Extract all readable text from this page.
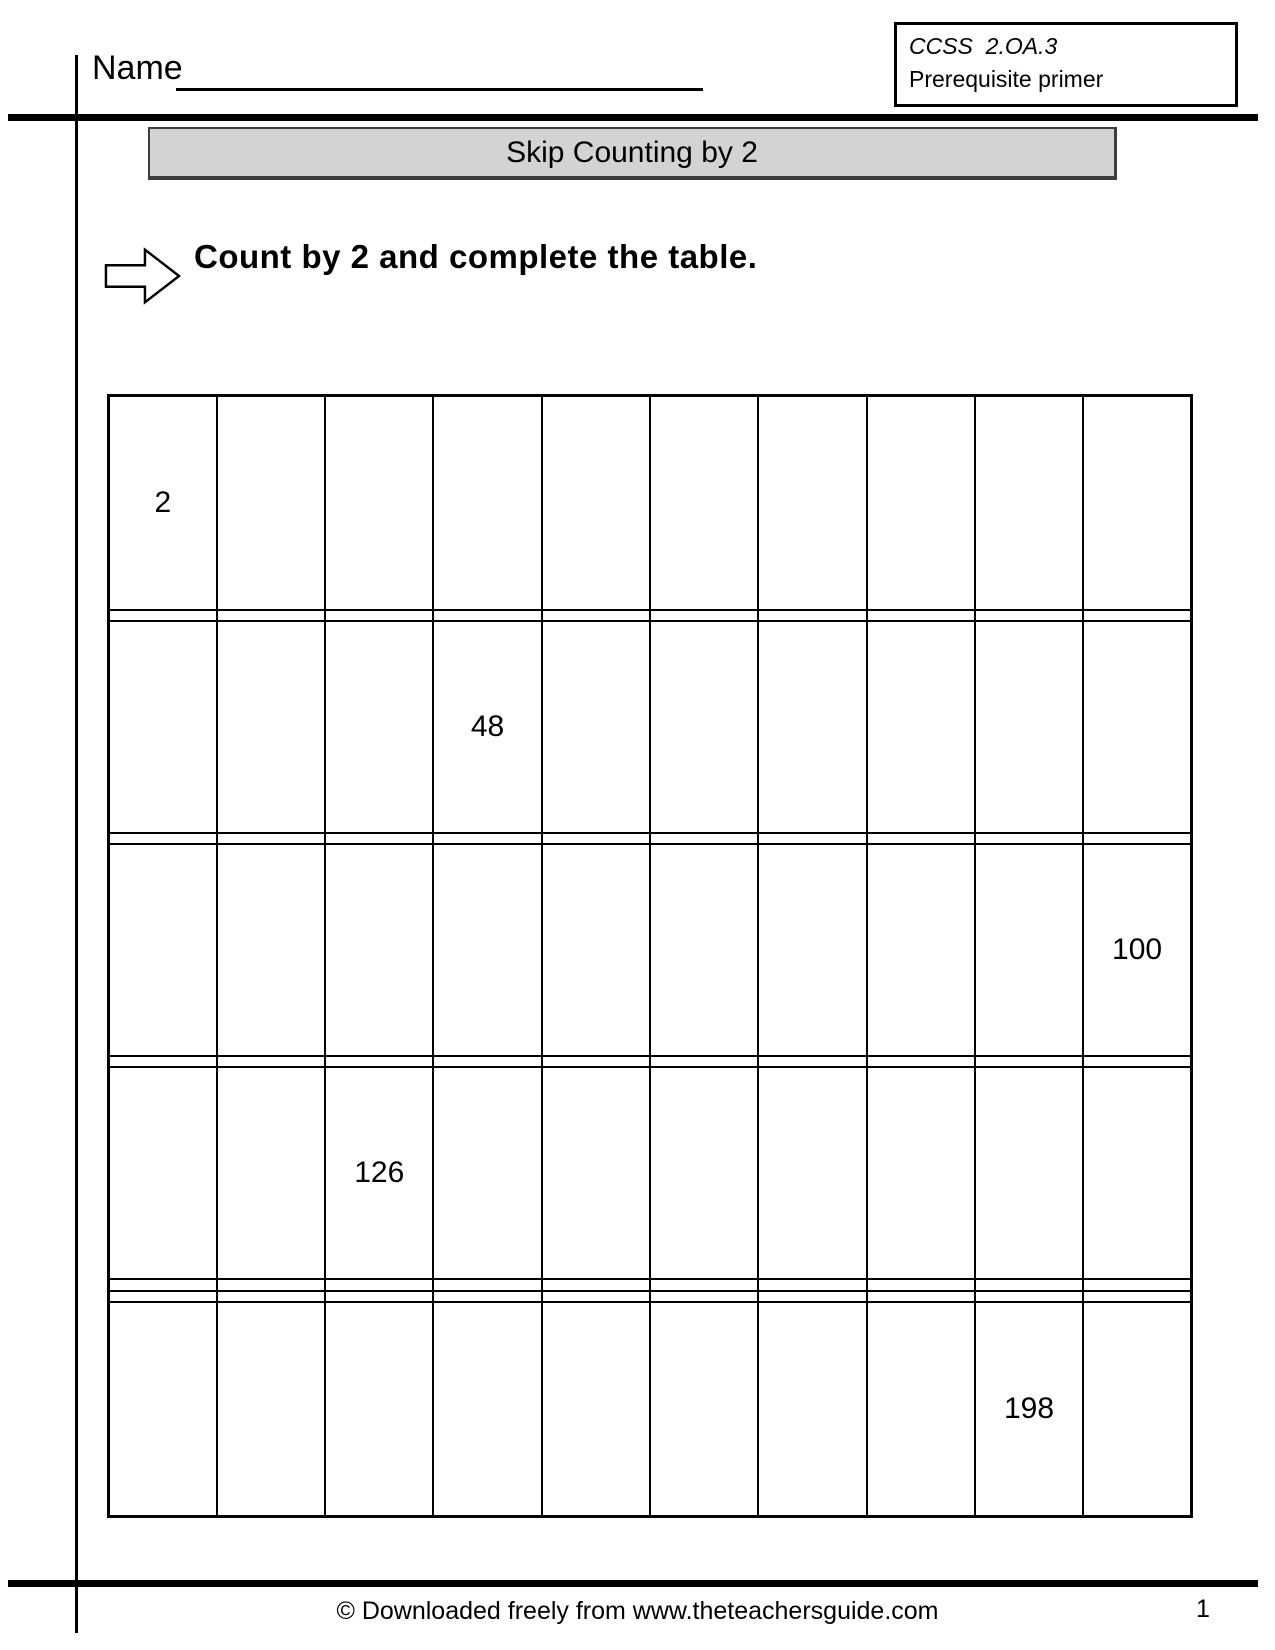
Name
CCSS  2.OA.3
Prerequisite primer
Skip Counting by 2
Count by 2 and complete the table.
2									

			48						

									100

		126							

								198	
© Downloaded freely from www.theteachersguide.com	1
